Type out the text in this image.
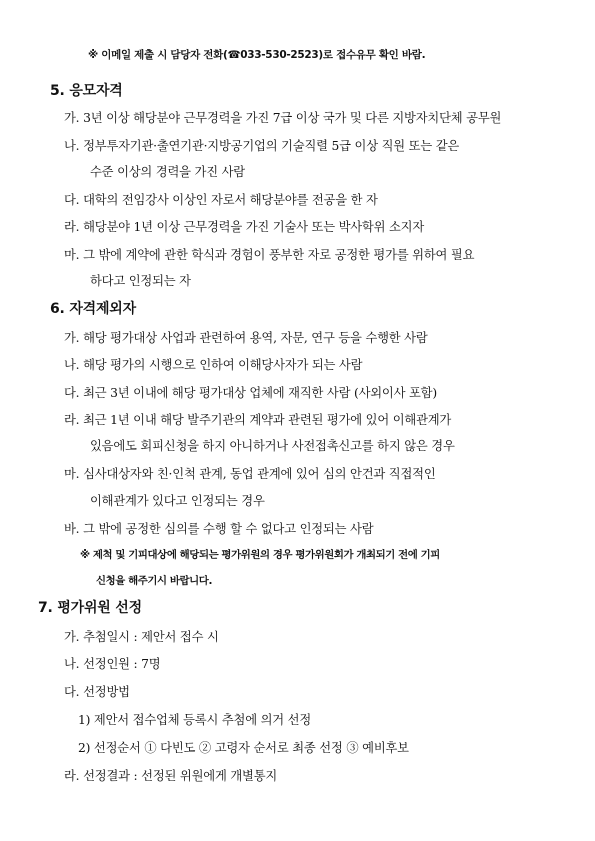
※ 이메일 제출 시 담당자 전화(☎033-530-2523)로 접수유무 확인 바람.
5. 응모자격
가. 3년 이상 해당분야 근무경력을 가진 7급 이상 국가 및 다른 지방자치단체 공무원
나. 정부투자기관·출연기관·지방공기업의 기술직렬 5급 이상 직원 또는 같은
수준 이상의 경력을 가진 사람
다. 대학의 전임강사 이상인 자로서 해당분야를 전공을 한 자
라. 해당분야 1년 이상 근무경력을 가진 기술사 또는 박사학위 소지자
마. 그 밖에 계약에 관한 학식과 경험이 풍부한 자로 공정한 평가를 위하여 필요
하다고 인정되는 자
6. 자격제외자
가. 해당 평가대상 사업과 관련하여 용역, 자문, 연구 등을 수행한 사람
나. 해당 평가의 시행으로 인하여 이해당사자가 되는 사람
다. 최근 3년 이내에 해당 평가대상 업체에 재직한 사람 (사외이사 포함)
라. 최근 1년 이내 해당 발주기관의 계약과 관련된 평가에 있어 이해관계가
있음에도 회피신청을 하지 아니하거나 사전접촉신고를 하지 않은 경우
마. 심사대상자와 친·인척 관계, 동업 관계에 있어 심의 안건과 직접적인
이해관계가 있다고 인정되는 경우
바. 그 밖에 공정한 심의를 수행 할 수 없다고 인정되는 사람
※ 제척 및 기피대상에 해당되는 평가위원의 경우 평가위원회가 개최되기 전에 기피
신청을 해주기시 바랍니다.
7. 평가위원 선정
가. 추첨일시 : 제안서 접수 시
나. 선정인원 : 7명
다. 선정방법
1) 제안서 접수업체 등록시 추첨에 의거 선정
2) 선정순서 ① 다빈도 ② 고령자 순서로 최종 선정 ③ 예비후보
라. 선정결과 : 선정된 위원에게 개별통지
